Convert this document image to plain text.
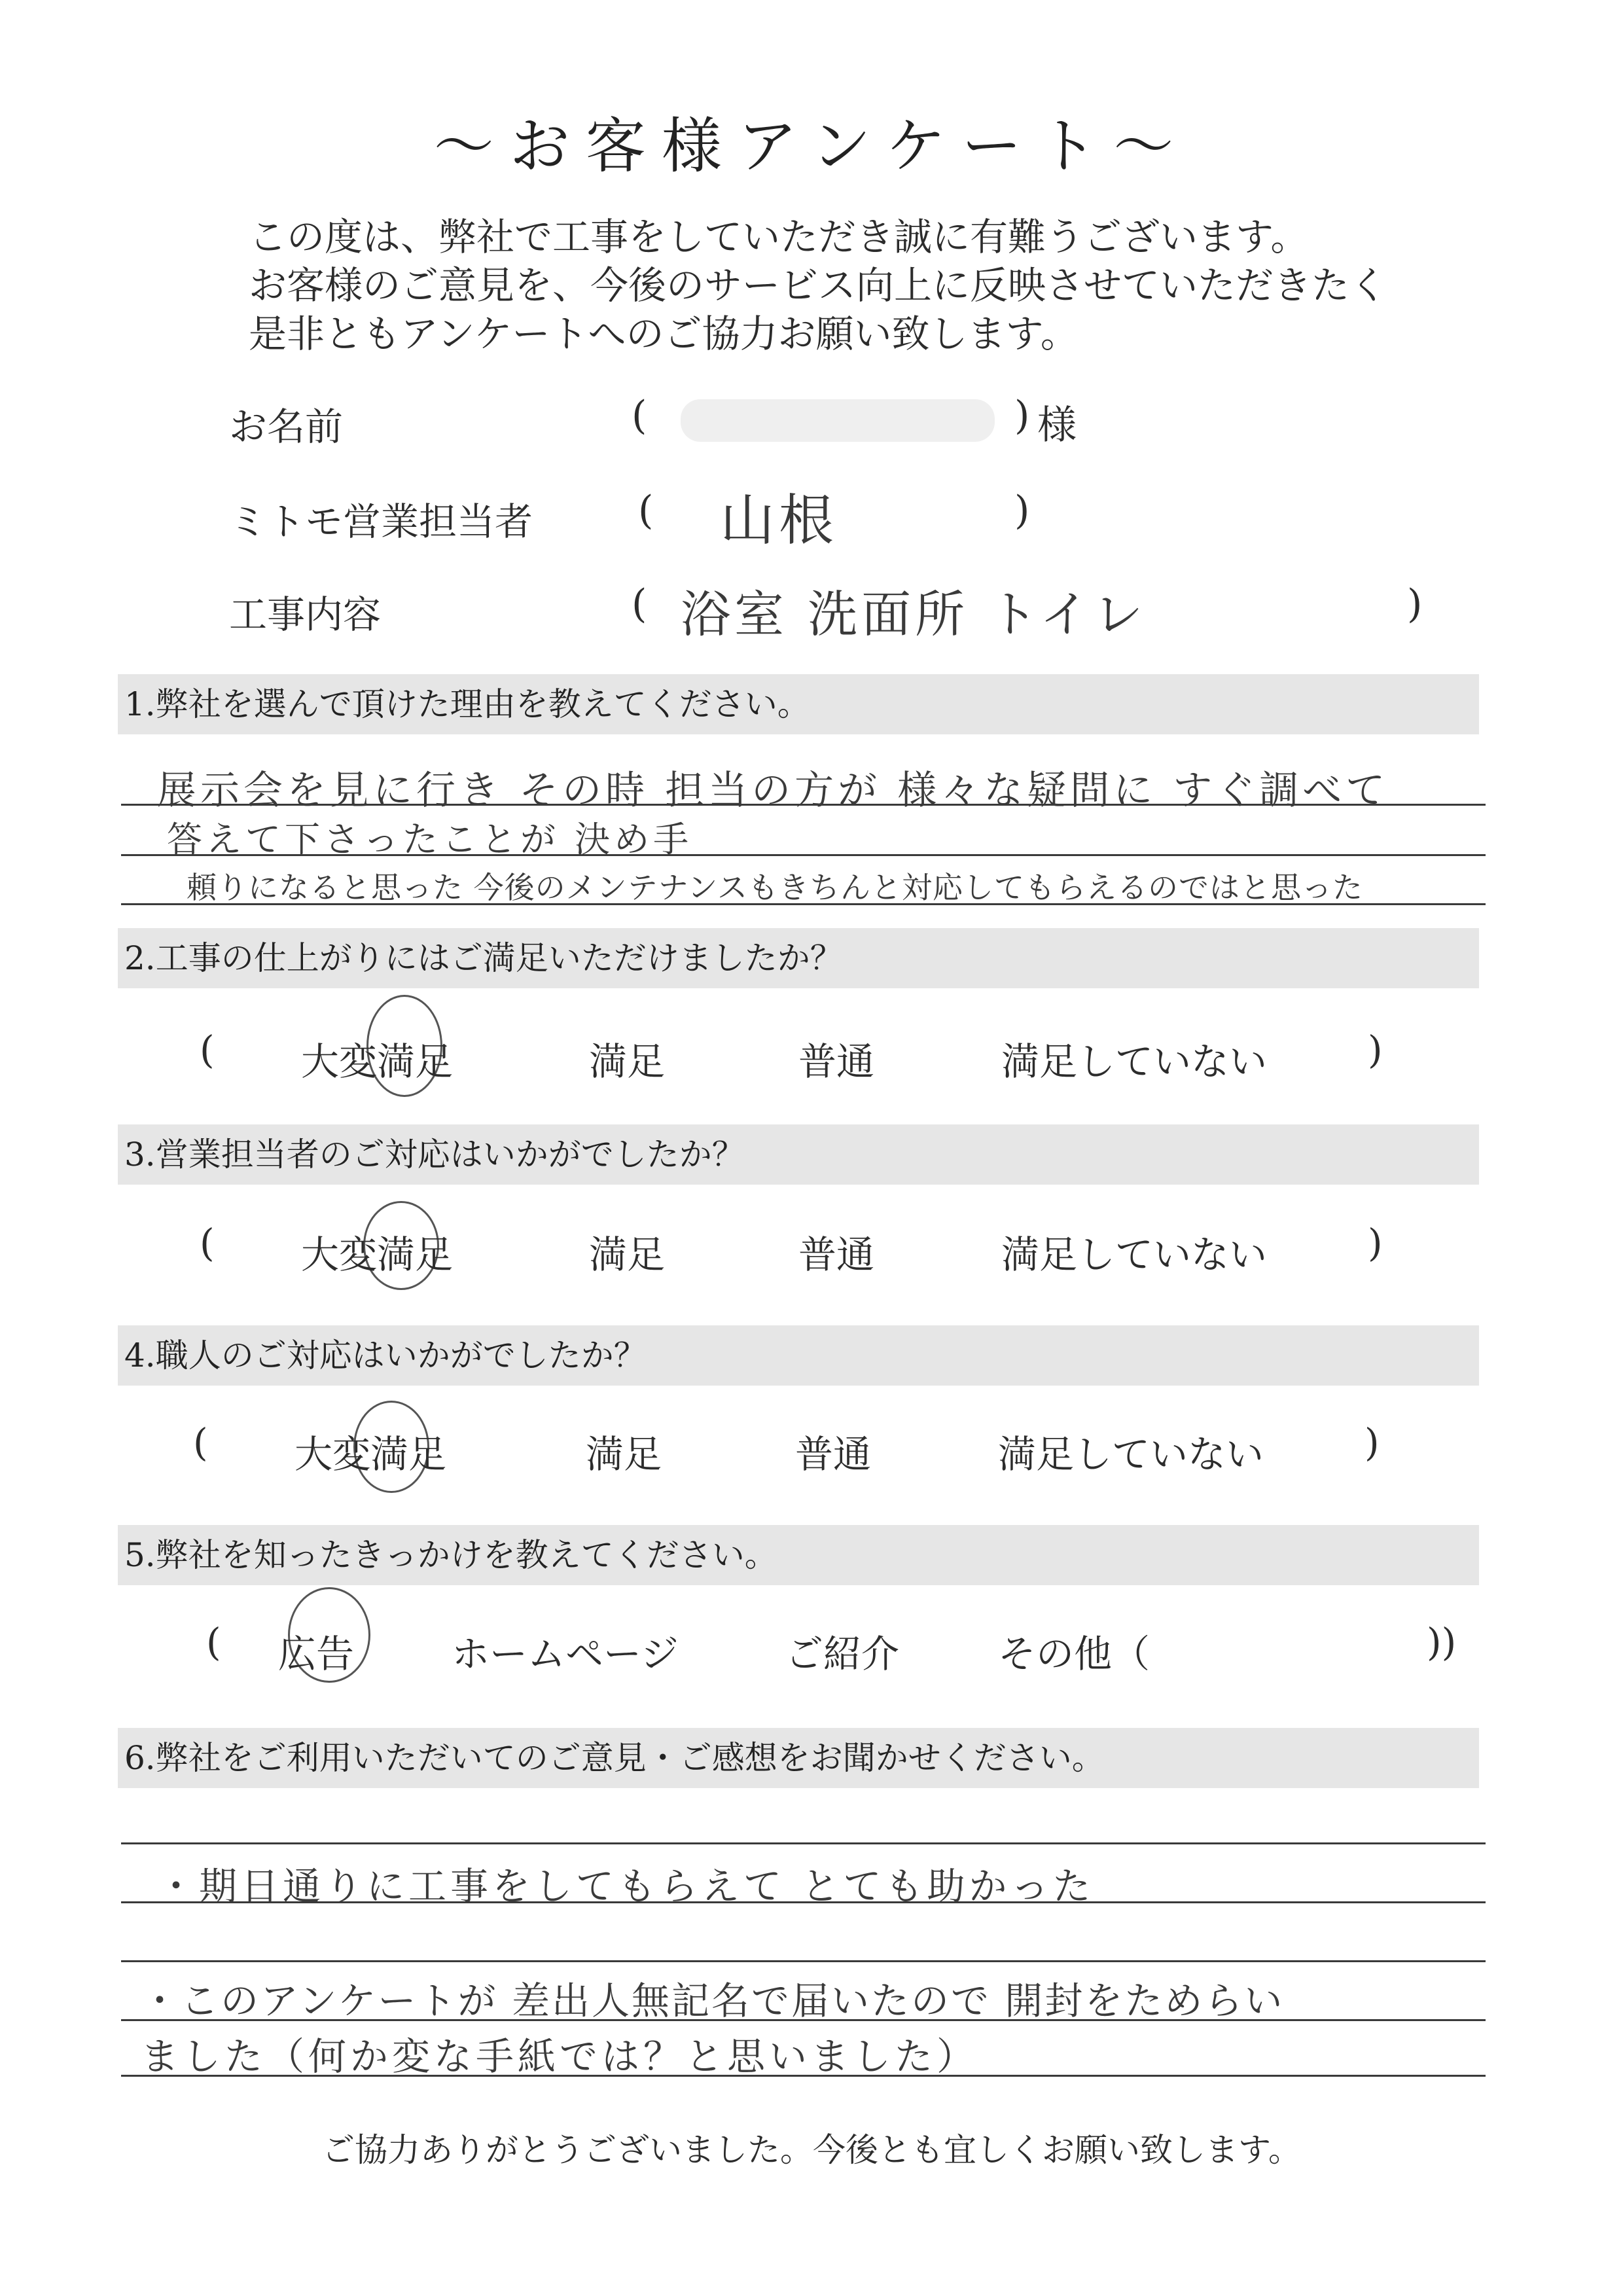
〜お客様アンケート〜
この度は、弊社で工事をしていただき誠に有難うございます。
お客様のご意見を、今後のサービス向上に反映させていただきたく
是非ともアンケートへのご協力お願い致します。
お名前	(	) 様
ミトモ営業担当者	( 山根	)
工事内容	( 浴室 洗面所 トイレ	)
1.弊社を選んで頂けた理由を教えてください。
展示会を見に行き その時 担当の方が 様々な疑問に すぐ調べて
答えて下さったことが 決め手
頼りになると思った 今後のメンテナンスもきちんと対応してもらえるのではと思った
2.工事の仕上がりにはご満足いただけましたか？
( 大変満足	満足	普通	満足していない	)
3.営業担当者のご対応はいかがでしたか？
( 大変満足	満足	普通	満足していない	)
4.職人のご対応はいかがでしたか？
( 大変満足	満足	普通	満足していない	)
5.弊社を知ったきっかけを教えてください。
( 広告	ホームページ	ご紹介	その他（	))
6.弊社をご利用いただいてのご意見・ご感想をお聞かせください。
・期日通りに工事をしてもらえて とても助かった
・このアンケートが 差出人無記名で届いたので 開封をためらい
ました（何か変な手紙では？と思いました）
ご協力ありがとうございました。今後とも宜しくお願い致します。
